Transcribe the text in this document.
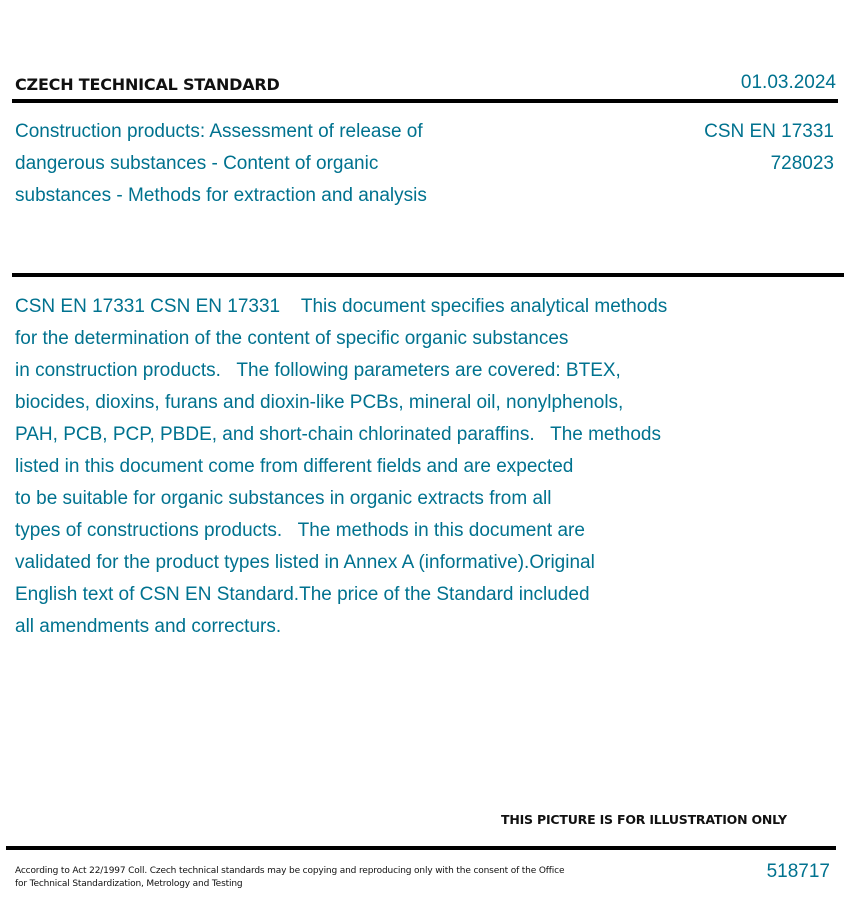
CZECH TECHNICAL STANDARD	01.03.2024
Construction products: Assessment of release of dangerous substances - Content of organic substances - Methods for extraction and analysis
CSN EN 17331
728023
CSN EN 17331 CSN EN 17331    This document specifies analytical methods
for the determination of the content of specific organic substances
in construction products.   The following parameters are covered: BTEX,
biocides, dioxins, furans and dioxin-like PCBs, mineral oil, nonylphenols,
PAH, PCB, PCP, PBDE, and short-chain chlorinated paraffins.   The methods
listed in this document come from different fields and are expected
to be suitable for organic substances in organic extracts from all
types of constructions products.   The methods in this document are
validated for the product types listed in Annex A (informative).Original
English text of CSN EN Standard.The price of the Standard included
all amendments and correcturs.
THIS PICTURE IS FOR ILLUSTRATION ONLY
According to Act 22/1997 Coll. Czech technical standards may be copying and reproducing only with the consent of the Office
for Technical Standardization, Metrology and Testing
518717
